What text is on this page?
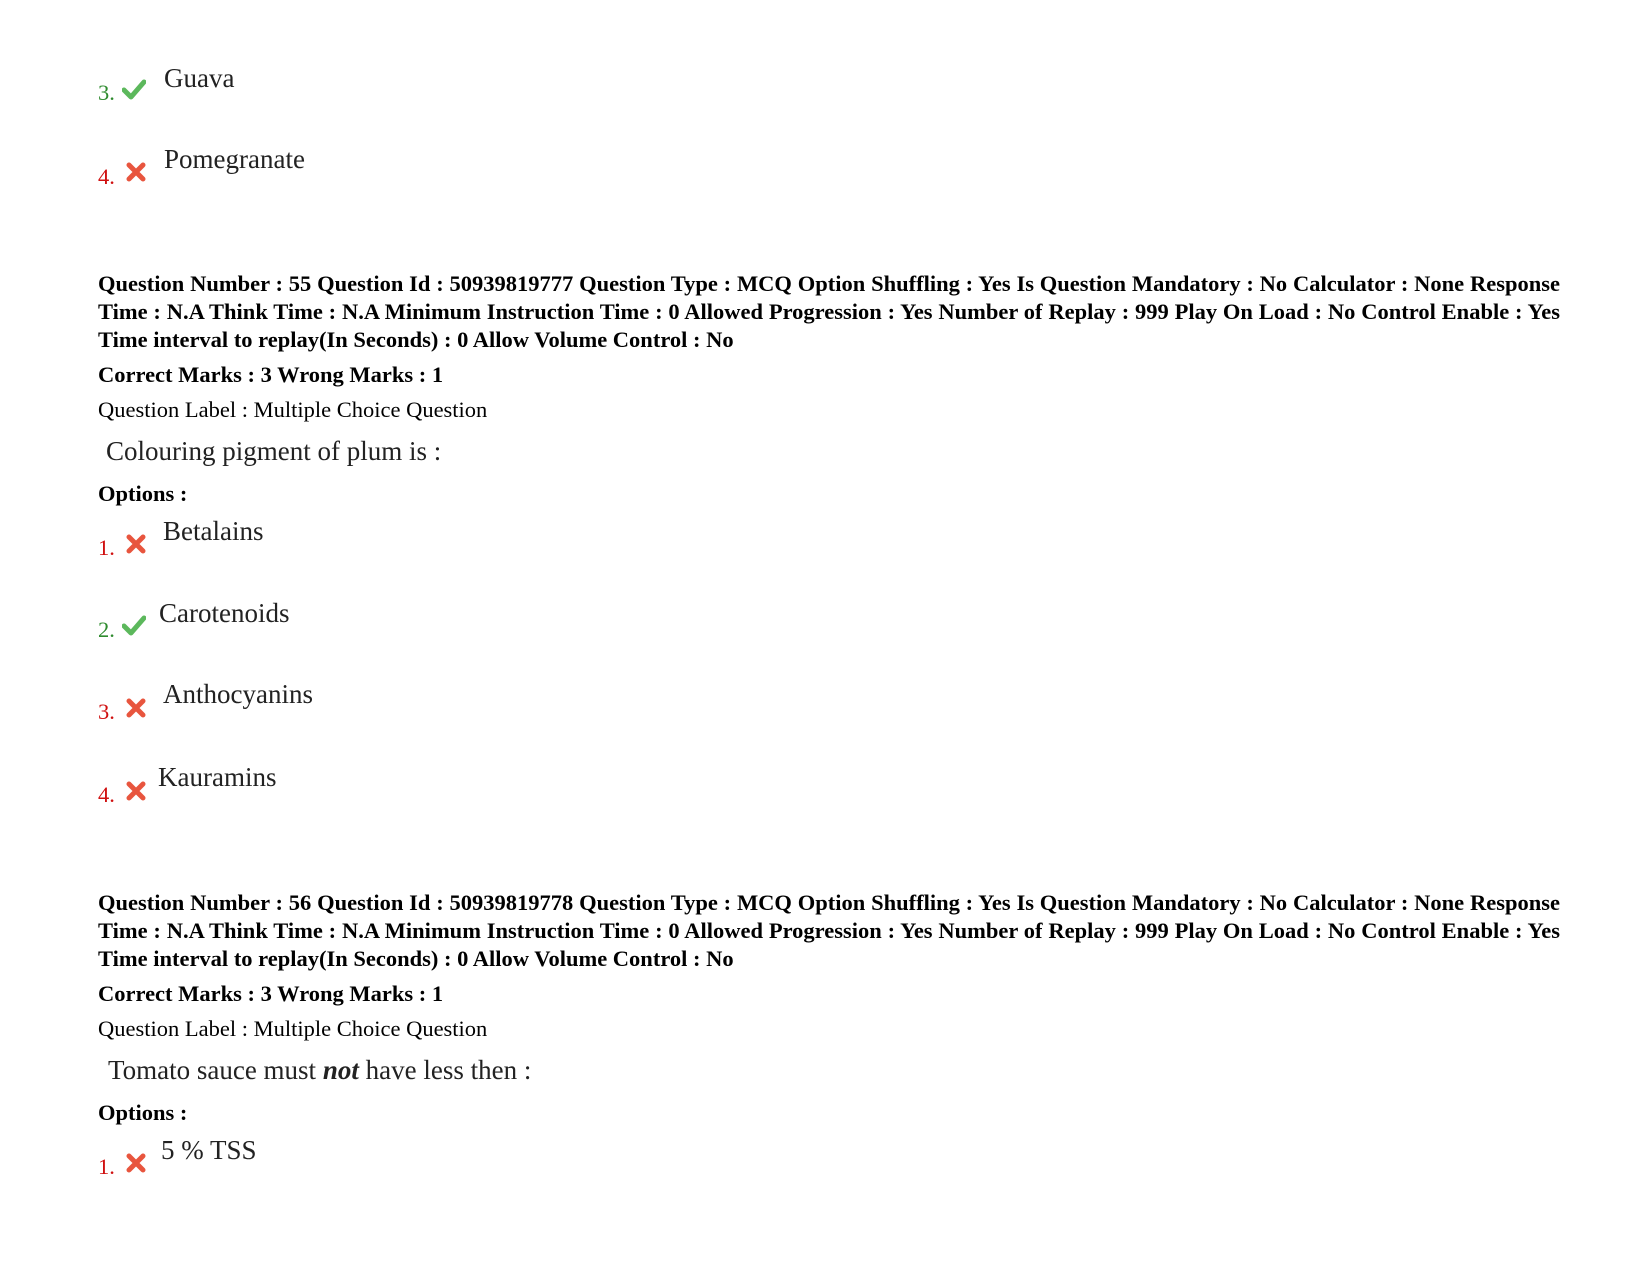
3. Guava
4.
Pomegranate
Question Number : 55 Question Id : 50939819777 Question Type : MCQ Option Shuffling : Yes Is Question Mandatory : No Calculator : None Response Time : N.A Think Time : N.A Minimum Instruction Time : 0 Allowed Progression : Yes Number of Replay : 999 Play On Load : No Control Enable : Yes Time interval to replay(In Seconds) : 0 Allow Volume Control : No
Correct Marks : 3 Wrong Marks : 1
Question Label : Multiple Choice Question
Colouring pigment of plum is :
Options :
1.
Betalains
2.
Carotenoids
3.
Anthocyanins
4.
Kauramins
Question Number : 56 Question Id : 50939819778 Question Type : MCQ Option Shuffling : Yes Is Question Mandatory : No Calculator : None Response Time : N.A Think Time : N.A Minimum Instruction Time : 0 Allowed Progression : Yes Number of Replay : 999 Play On Load : No Control Enable : Yes Time interval to replay(In Seconds) : 0 Allow Volume Control : No
Correct Marks : 3 Wrong Marks : 1
Question Label : Multiple Choice Question
Tomato sauce must not have less then :
Options :
1.
5 % TSS
